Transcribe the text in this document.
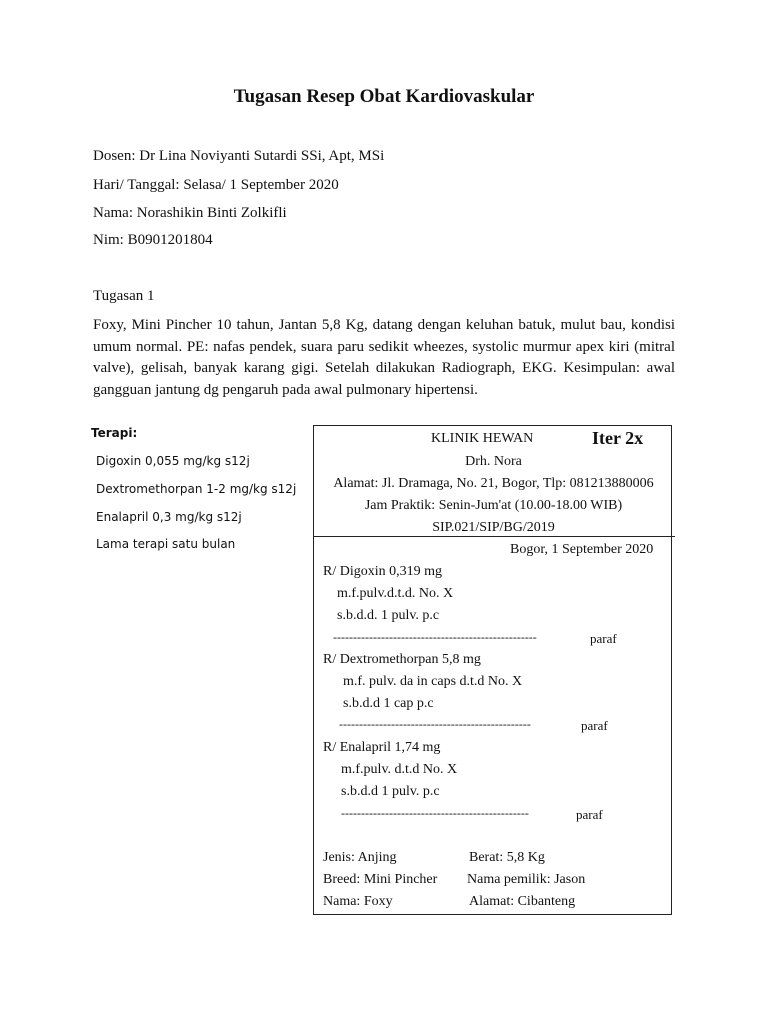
Tugasan Resep Obat Kardiovaskular
Dosen: Dr Lina Noviyanti Sutardi SSi, Apt, MSi
Hari/ Tanggal: Selasa/ 1 September 2020
Nama: Norashikin Binti Zolkifli
Nim: B0901201804
Tugasan 1

Foxy, Mini Pincher 10 tahun, Jantan 5,8 Kg, datang dengan keluhan batuk, mulut bau, kondisi umum normal. PE: nafas pendek, suara paru sedikit wheezes, systolic murmur apex kiri (mitral valve), gelisah, banyak karang gigi. Setelah dilakukan Radiograph, EKG. Kesimpulan: awal gangguan jantung dg pengaruh pada awal pulmonary hipertensi.

Terapi:
Digoxin 0,055 mg/kg s12j
Dextromethorpan 1-2 mg/kg s12j
Enalapril 0,3 mg/kg s12j
Lama terapi satu bulan
KLINIK HEWAN	Iter 2x
Drh. Nora
Alamat: Jl. Dramaga, No. 21, Bogor, Tlp: 081213880006
Jam Praktik: Senin-Jum'at (10.00-18.00 WIB)
SIP.021/SIP/BG/2019
Bogor, 1 September 2020
R/ Digoxin 0,319 mg
m.f.pulv.d.t.d. No. X
s.b.d.d. 1 pulv. p.c
---------------------------------------------------	paraf
R/ Dextromethorpan 5,8 mg
m.f. pulv. da in caps d.t.d No. X
s.b.d.d 1 cap p.c
------------------------------------------------	paraf
R/ Enalapril 1,74 mg
m.f.pulv. d.t.d No. X
s.b.d.d 1 pulv. p.c
-----------------------------------------------	paraf
Jenis: Anjing	Berat: 5,8 Kg
Breed: Mini Pincher Nama pemilik: Jason
Nama: Foxy	Alamat: Cibanteng
